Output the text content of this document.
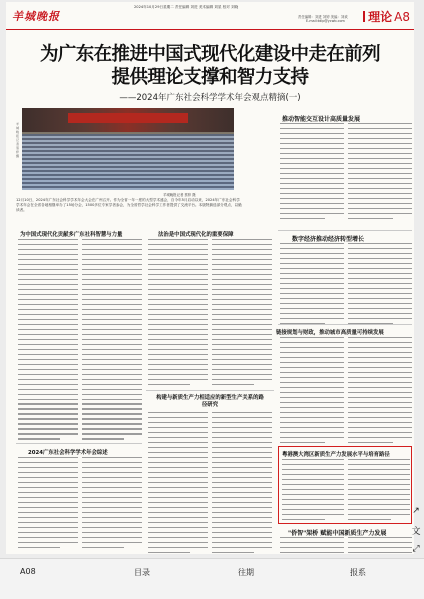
羊城晚报
2024年10月29日星期二 责任编辑 刘进 美术编辑 刘星 校对 刘晓
责任编辑：刘进 刘婷 美编：刘欢
E-mail:tdlp@ycwb.com	理论 A8
为广东在推进中国式现代化建设中走在前列
提供理论支撑和智力支持
——2024年广东社会科学学术年会观点精摘(一)
羊城晚报记者 蔡梓 摄
羊城晚报记者 蔡梓 摄
12月10日，2024年广东社会科学学术年会大会在广州召开。作为全省一年一度的大型学术盛会，自今年5月启动以来，2024年广东社会科学学术年会在全省各地相继举办了15场分会，1500多位专家学者参会，为全省哲学社会科学工作者提供了交流平台。本版特摘选部分观点，以飨读者。
推动智能交互设计高质量发展
数字经济推动经济转型增长
链接规划与财政，推动城市高质量可持续发展
粤港澳大湾区新质生产力发展水平与培育路径
"侨智"架桥 赋能中国新质生产力发展
为中国式现代化贡献多广东社科智慧与力量	法治是中国式现代化的重要保障
构建与新质生产力相适应的新型生产关系的路径研究
2024广东社会科学学术年会综述
↗
文
⤢
A08	目录	往期	报系
